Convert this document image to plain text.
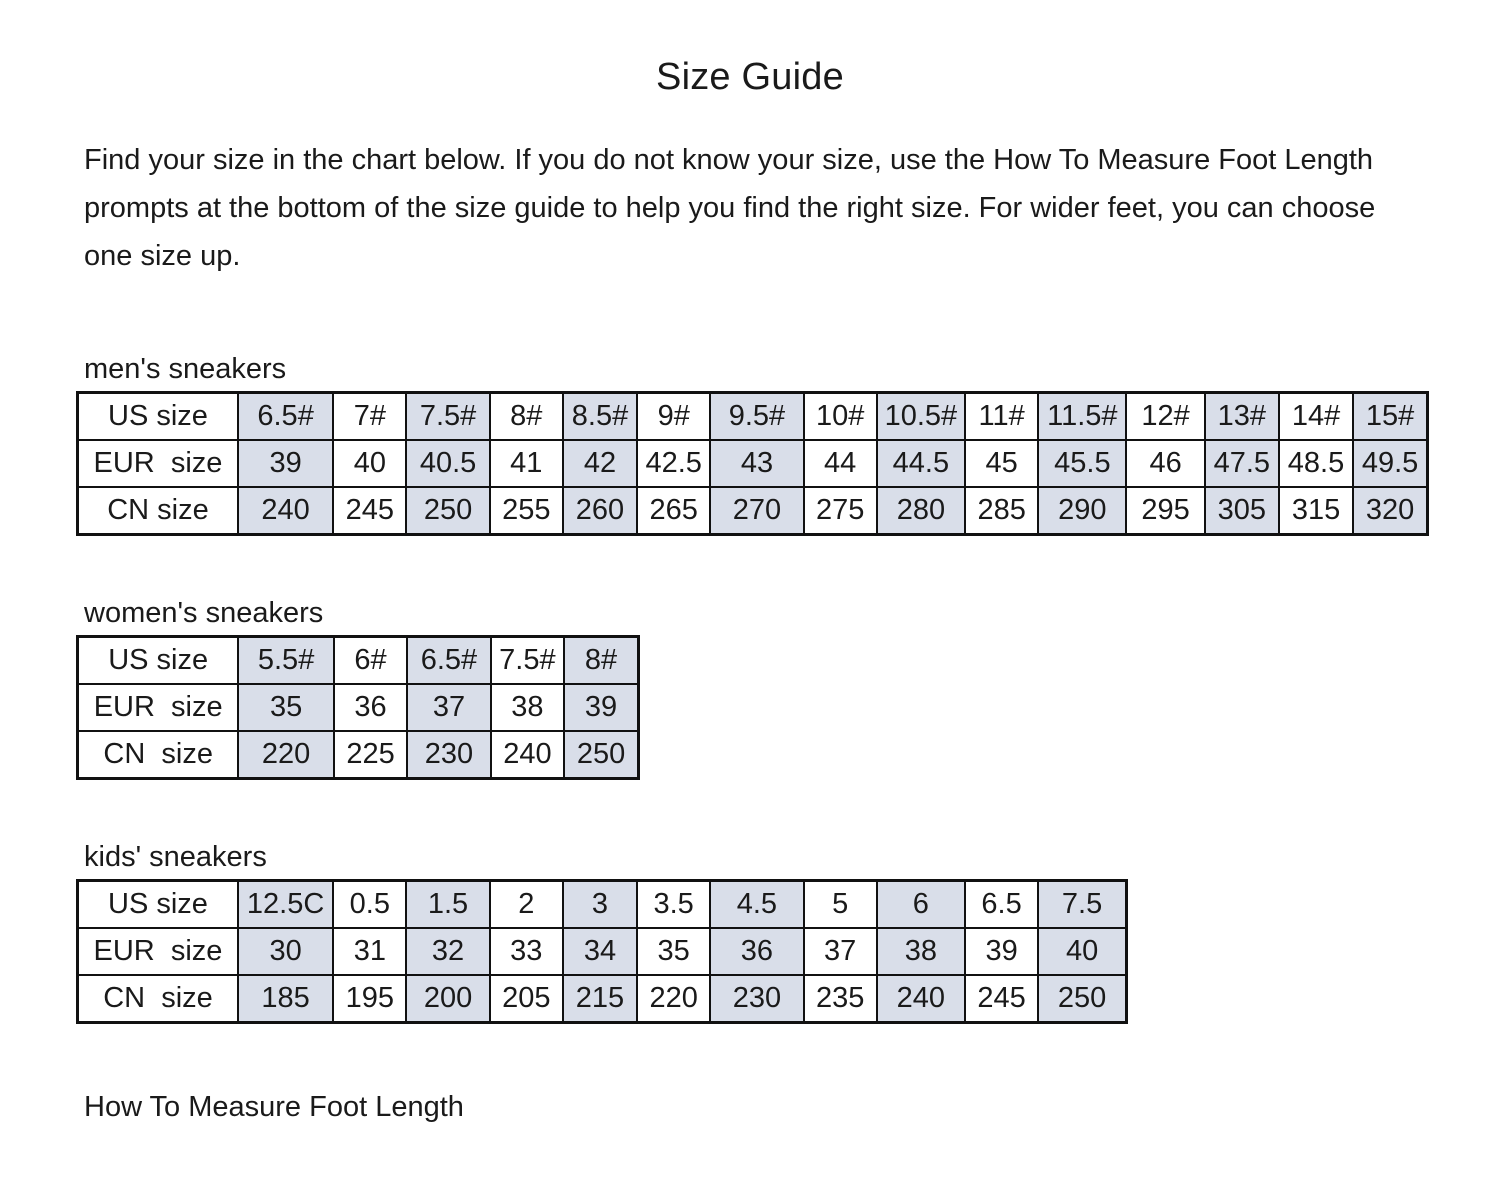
Size Guide
Find your size in the chart below. If you do not know your size, use the How To Measure Foot Length prompts at the bottom of the size guide to help you find the right size. For wider feet, you can choose one size up.
men's sneakers
US size	6.5#	7#	7.5#	8#	8.5#	9#	9.5#	10#	10.5#	11#	11.5#	12#	13#	14#	15#
EUR  size	39	40	40.5	41	42	42.5	43	44	44.5	45	45.5	46	47.5	48.5	49.5
CN size	240	245	250	255	260	265	270	275	280	285	290	295	305	315	320
women's sneakers
US size	5.5#	6#	6.5#	7.5#	8#
EUR  size	35	36	37	38	39
CN  size	220	225	230	240	250
kids' sneakers
US size	12.5C	0.5	1.5	2	3	3.5	4.5	5	6	6.5	7.5
EUR  size	30	31	32	33	34	35	36	37	38	39	40
CN  size	185	195	200	205	215	220	230	235	240	245	250
How To Measure Foot Length
